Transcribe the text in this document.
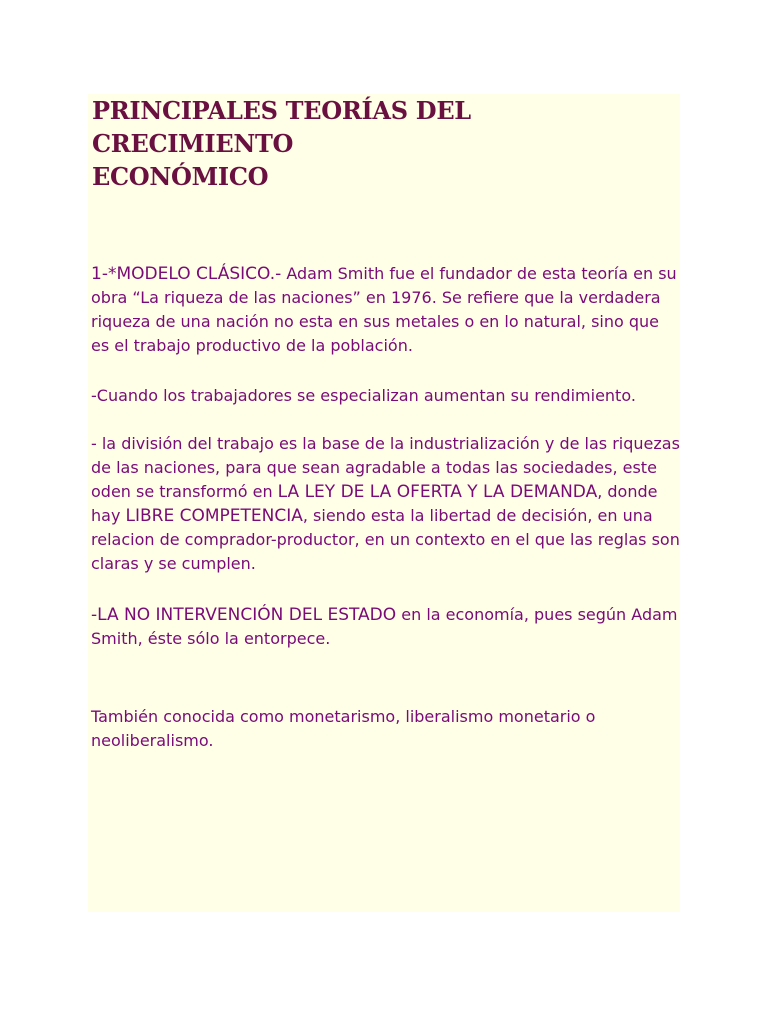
PRINCIPALES TEORÍAS DEL CRECIMIENTO
ECONÓMICO

1-*MODELO CLÁSICO.- Adam Smith fue el fundador de esta teoría en su obra “La riqueza de las naciones” en 1976. Se refiere que la verdadera riqueza de una nación no esta en sus metales o en lo natural, sino que es el trabajo productivo de la población.

-Cuando los trabajadores se especializan aumentan su rendimiento.

- la división del trabajo es la base de la industrialización y de las riquezas de las naciones, para que sean agradable a todas las sociedades, este oden se transformó en LA LEY DE LA OFERTA Y LA DEMANDA, donde hay LIBRE COMPETENCIA, siendo esta la libertad de decisión, en una relacion de comprador-productor, en un contexto en el que las reglas son claras y se cumplen.

-LA NO INTERVENCIÓN DEL ESTADO en la economía, pues según Adam Smith, éste sólo la entorpece.

También conocida como monetarismo, liberalismo monetario o neoliberalismo.
